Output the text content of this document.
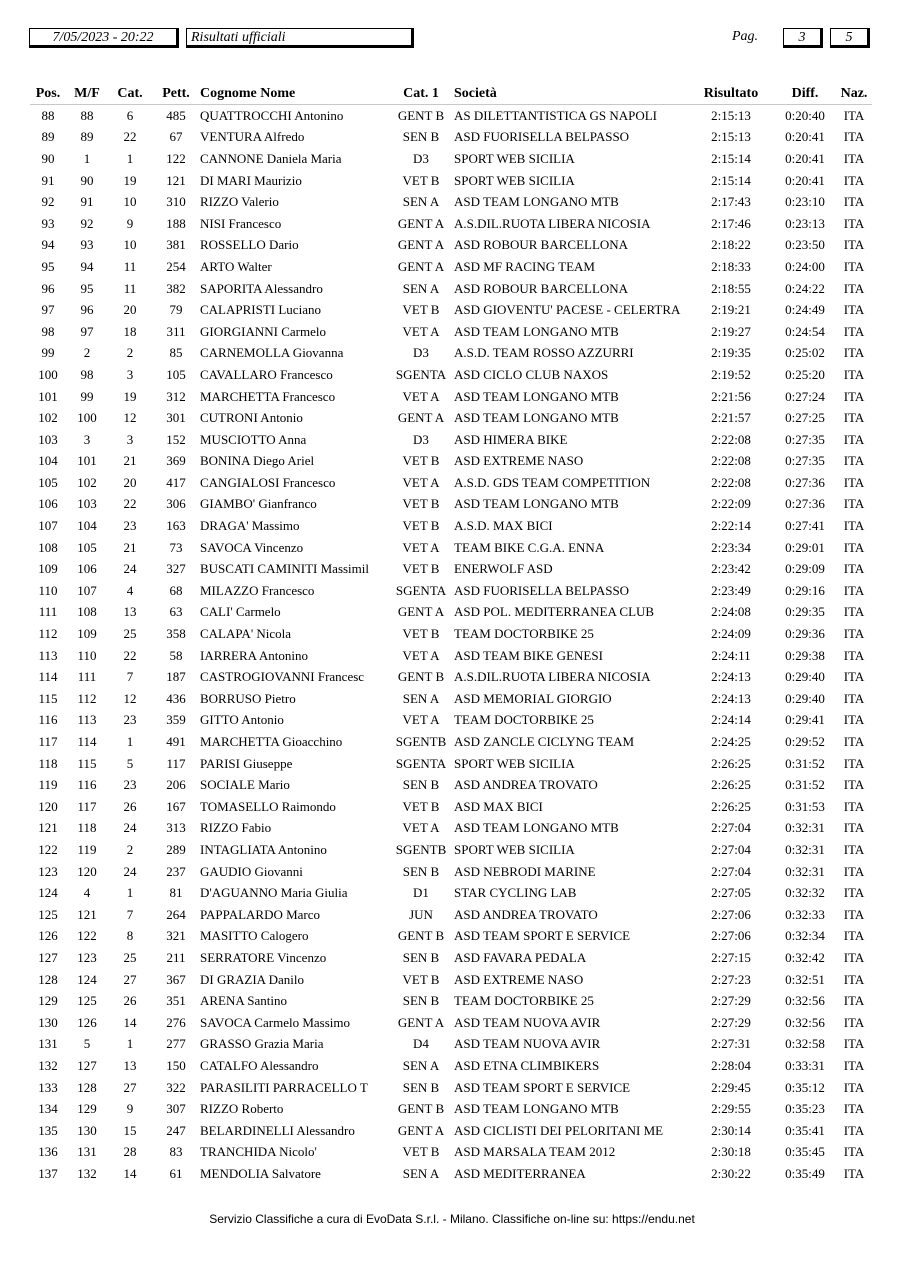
7/05/2023 - 20:22	Risultati ufficiali	Pag.	3	5
Pos.	M/F	Cat.	Pett.	Cognome Nome	Cat. 1	Società	Risultato	Diff.	Naz.
88	88	6	485	QUATTROCCHI Antonino	GENT B	AS DILETTANTISTICA GS NAPOLI	2:15:13	0:20:40	ITA
89	89	22	67	VENTURA Alfredo	SEN B	ASD FUORISELLA BELPASSO	2:15:13	0:20:41	ITA
90	1	1	122	CANNONE Daniela Maria	D3	SPORT WEB SICILIA	2:15:14	0:20:41	ITA
91	90	19	121	DI MARI Maurizio	VET B	SPORT WEB SICILIA	2:15:14	0:20:41	ITA
92	91	10	310	RIZZO Valerio	SEN A	ASD TEAM LONGANO MTB	2:17:43	0:23:10	ITA
93	92	9	188	NISI Francesco	GENT A	A.S.DIL.RUOTA LIBERA NICOSIA	2:17:46	0:23:13	ITA
94	93	10	381	ROSSELLO Dario	GENT A	ASD ROBOUR BARCELLONA	2:18:22	0:23:50	ITA
95	94	11	254	ARTO Walter	GENT A	ASD MF RACING TEAM	2:18:33	0:24:00	ITA
96	95	11	382	SAPORITA Alessandro	SEN A	ASD ROBOUR BARCELLONA	2:18:55	0:24:22	ITA
97	96	20	79	CALAPRISTI Luciano	VET B	ASD GIOVENTU' PACESE - CELERTRA	2:19:21	0:24:49	ITA
98	97	18	311	GIORGIANNI Carmelo	VET A	ASD TEAM LONGANO MTB	2:19:27	0:24:54	ITA
99	2	2	85	CARNEMOLLA Giovanna	D3	A.S.D. TEAM ROSSO AZZURRI	2:19:35	0:25:02	ITA
100	98	3	105	CAVALLARO Francesco	SGENTA	ASD CICLO CLUB NAXOS	2:19:52	0:25:20	ITA
101	99	19	312	MARCHETTA Francesco	VET A	ASD TEAM LONGANO MTB	2:21:56	0:27:24	ITA
102	100	12	301	CUTRONI Antonio	GENT A	ASD TEAM LONGANO MTB	2:21:57	0:27:25	ITA
103	3	3	152	MUSCIOTTO Anna	D3	ASD HIMERA BIKE	2:22:08	0:27:35	ITA
104	101	21	369	BONINA Diego Ariel	VET B	ASD EXTREME NASO	2:22:08	0:27:35	ITA
105	102	20	417	CANGIALOSI Francesco	VET A	A.S.D. GDS TEAM COMPETITION	2:22:08	0:27:36	ITA
106	103	22	306	GIAMBO' Gianfranco	VET B	ASD TEAM LONGANO MTB	2:22:09	0:27:36	ITA
107	104	23	163	DRAGA' Massimo	VET B	A.S.D. MAX BICI	2:22:14	0:27:41	ITA
108	105	21	73	SAVOCA Vincenzo	VET A	TEAM BIKE C.G.A. ENNA	2:23:34	0:29:01	ITA
109	106	24	327	BUSCATI CAMINITI Massimil	VET B	ENERWOLF ASD	2:23:42	0:29:09	ITA
110	107	4	68	MILAZZO Francesco	SGENTA	ASD FUORISELLA BELPASSO	2:23:49	0:29:16	ITA
111	108	13	63	CALI' Carmelo	GENT A	ASD POL. MEDITERRANEA CLUB	2:24:08	0:29:35	ITA
112	109	25	358	CALAPA' Nicola	VET B	TEAM DOCTORBIKE 25	2:24:09	0:29:36	ITA
113	110	22	58	IARRERA Antonino	VET A	ASD TEAM BIKE GENESI	2:24:11	0:29:38	ITA
114	111	7	187	CASTROGIOVANNI Francesc	GENT B	A.S.DIL.RUOTA LIBERA NICOSIA	2:24:13	0:29:40	ITA
115	112	12	436	BORRUSO Pietro	SEN A	ASD MEMORIAL GIORGIO	2:24:13	0:29:40	ITA
116	113	23	359	GITTO Antonio	VET A	TEAM DOCTORBIKE 25	2:24:14	0:29:41	ITA
117	114	1	491	MARCHETTA Gioacchino	SGENTB	ASD ZANCLE CICLYNG TEAM	2:24:25	0:29:52	ITA
118	115	5	117	PARISI Giuseppe	SGENTA	SPORT WEB SICILIA	2:26:25	0:31:52	ITA
119	116	23	206	SOCIALE Mario	SEN B	ASD ANDREA TROVATO	2:26:25	0:31:52	ITA
120	117	26	167	TOMASELLO Raimondo	VET B	ASD MAX BICI	2:26:25	0:31:53	ITA
121	118	24	313	RIZZO Fabio	VET A	ASD TEAM LONGANO MTB	2:27:04	0:32:31	ITA
122	119	2	289	INTAGLIATA Antonino	SGENTB	SPORT WEB SICILIA	2:27:04	0:32:31	ITA
123	120	24	237	GAUDIO Giovanni	SEN B	ASD NEBRODI MARINE	2:27:04	0:32:31	ITA
124	4	1	81	D'AGUANNO Maria Giulia	D1	STAR CYCLING LAB	2:27:05	0:32:32	ITA
125	121	7	264	PAPPALARDO Marco	JUN	ASD ANDREA TROVATO	2:27:06	0:32:33	ITA
126	122	8	321	MASITTO Calogero	GENT B	ASD TEAM SPORT E SERVICE	2:27:06	0:32:34	ITA
127	123	25	211	SERRATORE Vincenzo	SEN B	ASD FAVARA PEDALA	2:27:15	0:32:42	ITA
128	124	27	367	DI GRAZIA Danilo	VET B	ASD EXTREME NASO	2:27:23	0:32:51	ITA
129	125	26	351	ARENA Santino	SEN B	TEAM DOCTORBIKE 25	2:27:29	0:32:56	ITA
130	126	14	276	SAVOCA Carmelo Massimo	GENT A	ASD TEAM NUOVA AVIR	2:27:29	0:32:56	ITA
131	5	1	277	GRASSO Grazia Maria	D4	ASD TEAM NUOVA AVIR	2:27:31	0:32:58	ITA
132	127	13	150	CATALFO Alessandro	SEN A	ASD ETNA CLIMBIKERS	2:28:04	0:33:31	ITA
133	128	27	322	PARASILITI PARRACELLO T	SEN B	ASD TEAM SPORT E SERVICE	2:29:45	0:35:12	ITA
134	129	9	307	RIZZO Roberto	GENT B	ASD TEAM LONGANO MTB	2:29:55	0:35:23	ITA
135	130	15	247	BELARDINELLI Alessandro	GENT A	ASD CICLISTI DEI PELORITANI ME	2:30:14	0:35:41	ITA
136	131	28	83	TRANCHIDA Nicolo'	VET B	ASD MARSALA TEAM 2012	2:30:18	0:35:45	ITA
137	132	14	61	MENDOLIA Salvatore	SEN A	ASD MEDITERRANEA	2:30:22	0:35:49	ITA
Servizio Classifiche a cura di EvoData S.r.l. - Milano. Classifiche on-line su: https://endu.net
